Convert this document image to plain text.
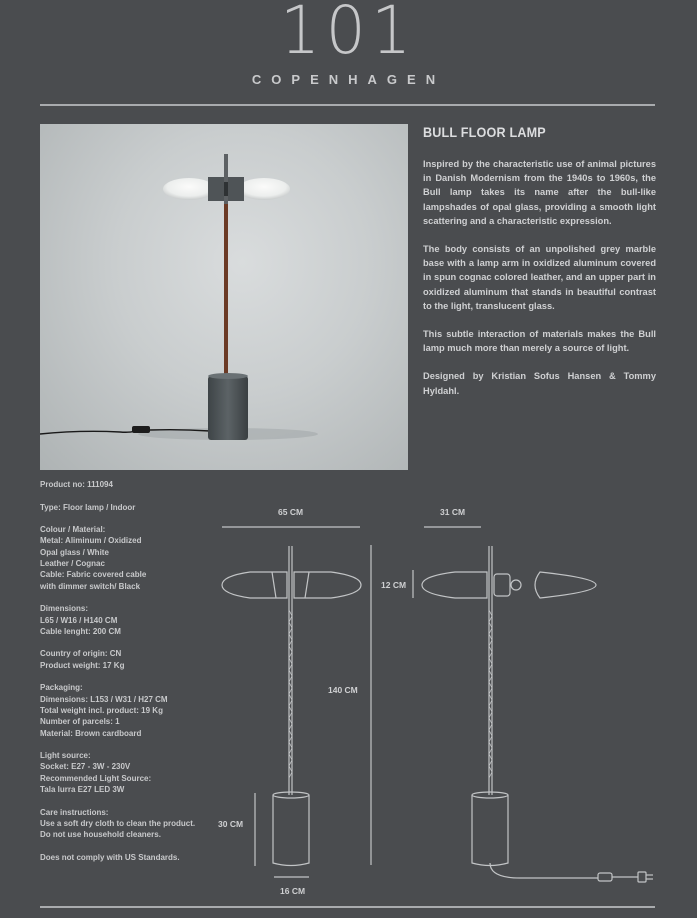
101
COPENHAGEN
BULL FLOOR LAMP

Inspired by the characteristic use of animal pictures in Danish Modernism from the 1940s to 1960s, the Bull lamp takes its name after the bull-like lampshades of opal glass, providing a smooth light scattering and a characteristic expression.

The body consists of an unpolished grey marble base with a lamp arm in oxidized aluminum covered in spun cognac colored leather, and an upper part in oxidized aluminum that stands in beautiful contrast to the light, translucent glass.

This subtle interaction of materials makes the Bull lamp much more than merely a source of light.

Designed by Kristian Sofus Hansen & Tommy Hyldahl.

Product no: 111094
Type: Floor lamp / Indoor
Colour / Material:
Metal: Aliminum / Oxidized
Opal glass / White
Leather / Cognac
Cable: Fabric covered cable
with dimmer switch/ Black
Dimensions:
L65 / W16 / H140 CM
Cable lenght: 200 CM
Country of origin: CN
Product weight: 17 Kg
Packaging:
Dimensions: L153 / W31 / H27 CM
Total weight incl. product: 19 Kg
Number of parcels: 1
Material: Brown cardboard
Light source:
Socket: E27 - 3W - 230V
Recommended Light Source:
Tala lurra E27 LED 3W
Care instructions:
Use a soft dry cloth to clean the product.
Do not use household cleaners.
Does not comply with US Standards.
65 CM	31 CM
12 CM
140 CM
30 CM
16 CM
